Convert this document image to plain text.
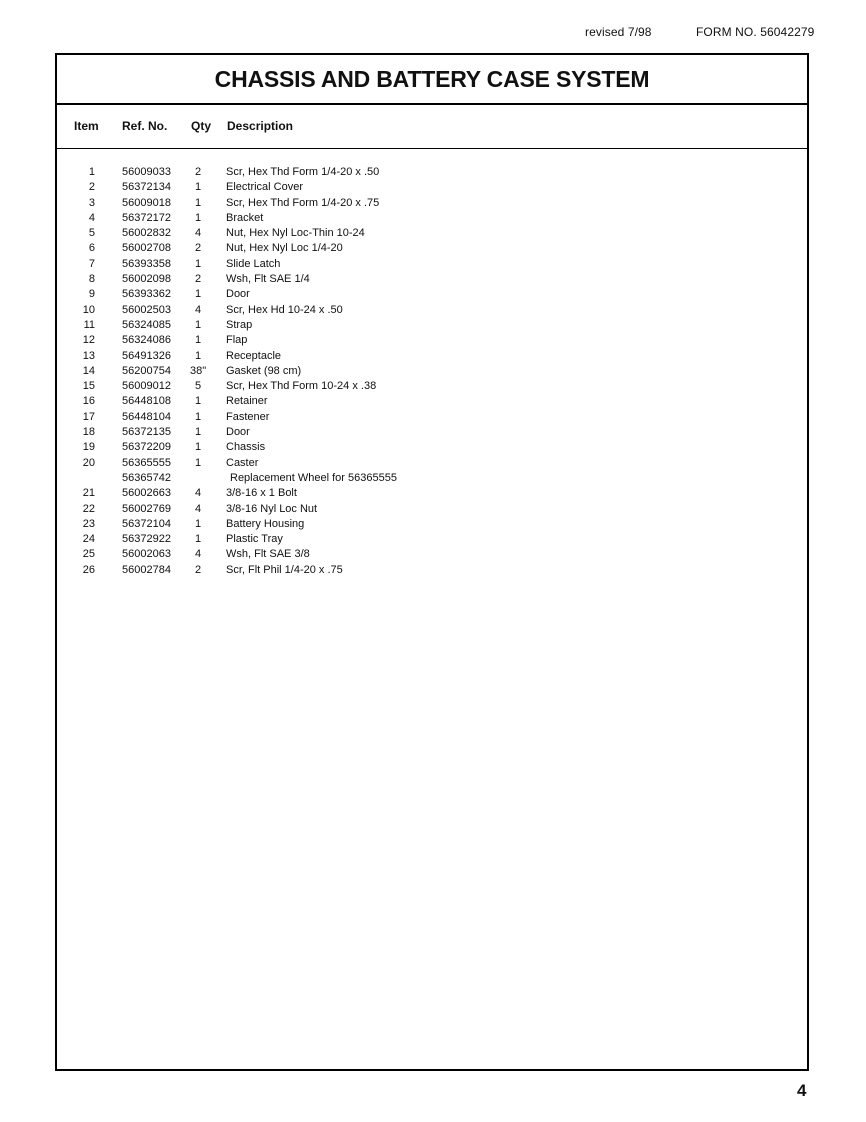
revised 7/98	FORM NO. 56042279
CHASSIS AND BATTERY CASE SYSTEM
Item Ref. No. Qty Description
1 56009033	2	Scr, Hex Thd Form 1/4-20 x .50
2 56372134	1	Electrical Cover
3 56009018	1	Scr, Hex Thd Form 1/4-20 x .75
4 56372172	1	Bracket
5 56002832	4	Nut, Hex Nyl Loc-Thin 10-24
6 56002708	2	Nut, Hex Nyl Loc 1/4-20
7 56393358	1	Slide Latch
8 56002098	2	Wsh, Flt SAE 1/4
9 56393362	1	Door
10 56002503	4	Scr, Hex Hd 10-24 x .50
11 56324085	1	Strap
12 56324086	1	Flap
13 56491326	1	Receptacle
14 56200754 38" Gasket (98 cm)
15 56009012	5	Scr, Hex Thd Form 10-24 x .38
16 56448108	1	Retainer
17 56448104	1	Fastener
18 56372135	1	Door
19 56372209	1	Chassis
20 56365555	1	Caster
56365742	Replacement Wheel for 56365555
21 56002663	4	3/8-16 x 1 Bolt
22 56002769	4	3/8-16 Nyl Loc Nut
23 56372104	1	Battery Housing
24 56372922	1	Plastic Tray
25 56002063	4	Wsh, Flt SAE 3/8
26 56002784	2	Scr, Flt Phil 1/4-20 x .75
4
